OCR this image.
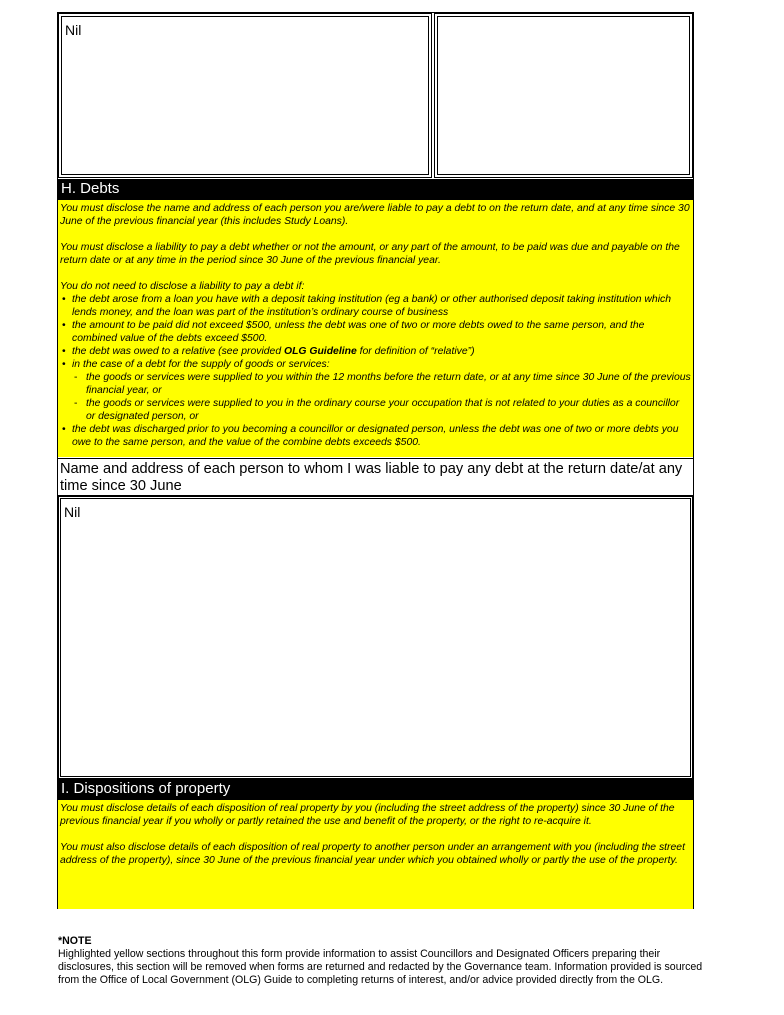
Nil
H. Debts

You must disclose the name and address of each person you are/were liable to pay a debt to on the return date, and at any time since 30 June of the previous financial year (this includes Study Loans).

You must disclose a liability to pay a debt whether or not the amount, or any part of the amount, to be paid was due and payable on the return date or at any time in the period since 30 June of the previous financial year.

You do not need to disclose a liability to pay a debt if:

• the debt arose from a loan you have with a deposit taking institution (eg a bank) or other authorised deposit taking institution which lends money, and the loan was part of the institution’s ordinary course of business
• the amount to be paid did not exceed $500, unless the debt was one of two or more debts owed to the same person, and the combined value of the debts exceed $500.
• the debt was owed to a relative (see provided OLG Guideline for definition of “relative”)
• in the case of a debt for the supply of goods or services:
- the goods or services were supplied to you within the 12 months before the return date, or at any time since 30 June of the previous financial year, or
- the goods or services were supplied to you in the ordinary course your occupation that is not related to your duties as a councillor or designated person, or
• the debt was discharged prior to you becoming a councillor or designated person, unless the debt was one of two or more debts you owe to the same person, and the value of the combine debts exceeds $500.
Name and address of each person to whom I was liable to pay any debt at the return date/at any time since 30 June
Nil
I. Dispositions of property

You must disclose details of each disposition of real property by you (including the street address of the property) since 30 June of the previous financial year if you wholly or partly retained the use and benefit of the property, or the right to re-acquire it.

You must also disclose details of each disposition of real property to another person under an arrangement with you (including the street address of the property), since 30 June of the previous financial year under which you obtained wholly or partly the use of the property.

*NOTE
Highlighted yellow sections throughout this form provide information to assist Councillors and Designated Officers preparing their disclosures, this section will be removed when forms are returned and redacted by the Governance team. Information provided is sourced from the Office of Local Government (OLG) Guide to completing returns of interest, and/or advice provided directly from the OLG.
